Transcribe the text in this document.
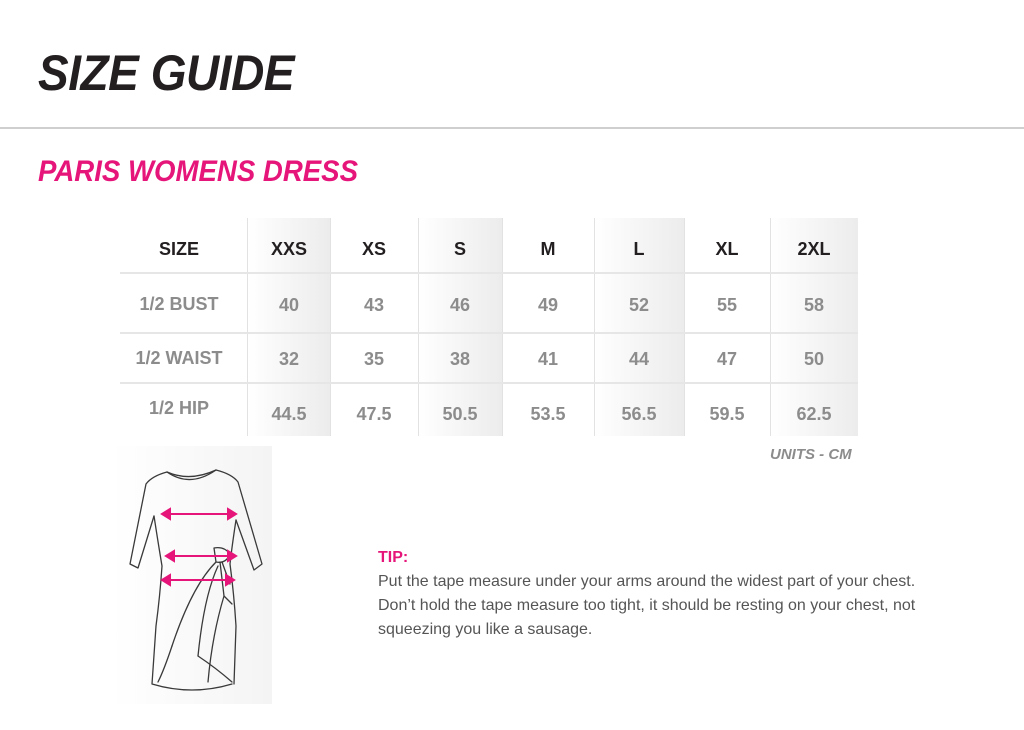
SIZE GUIDE
PARIS WOMENS DRESS
SIZE	XXS	XS	S	M	L	XL	2XL
1/2 BUST	40	43	46	49	52	55	58
1/2 WAIST	32	35	38	41	44	47	50
1/2 HIP	44.5	47.5	50.5	53.5	56.5	59.5	62.5
UNITS - CM
TIP:
Put the tape measure under your arms around the widest part of your chest.
Don’t hold the tape measure too tight, it should be resting on your chest, not
squeezing you like a sausage.
